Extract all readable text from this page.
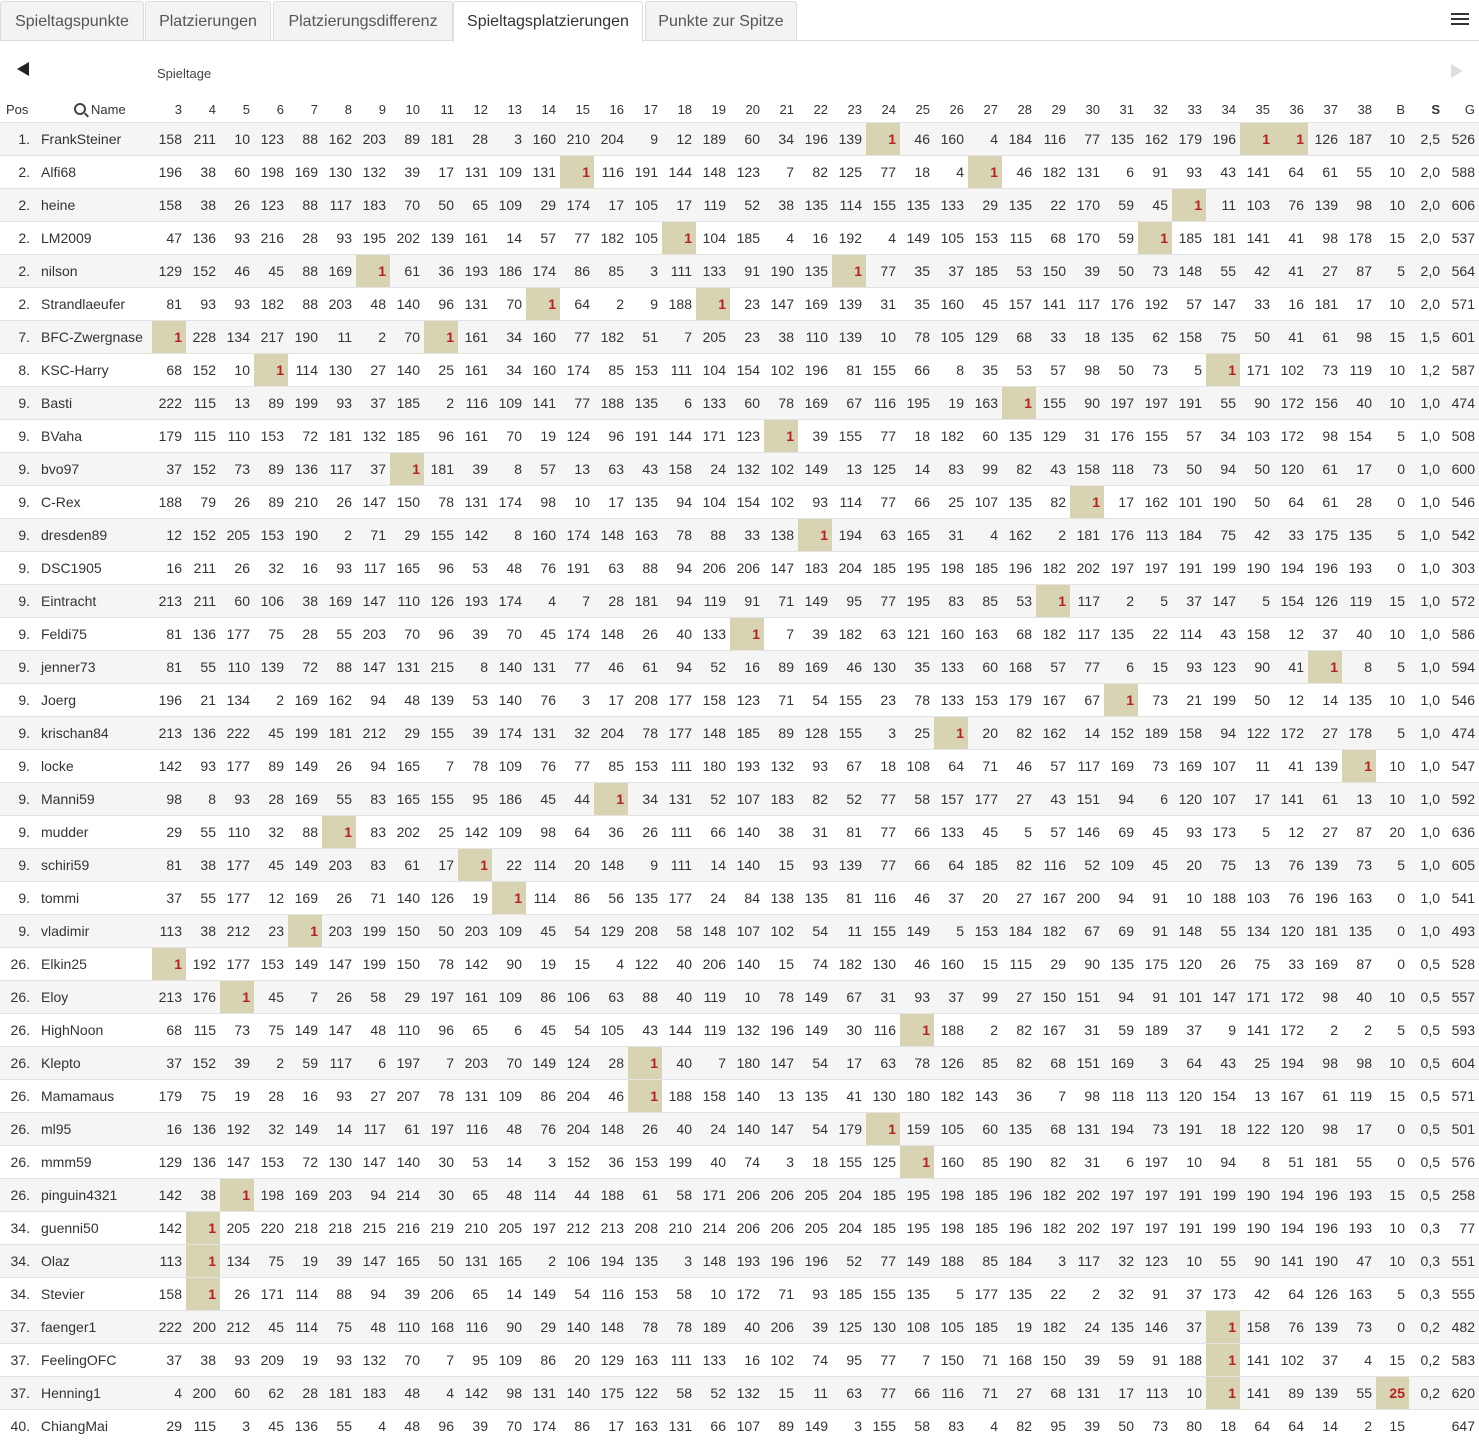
Spieltagspunkte	Platzierungen	Platzierungsdifferenz	Spieltagsplatzierungen	Punkte zur Spitze
Spieltage
Pos	Name	3	4	5	6	7	8	9	10	11	12	13	14	15	16	17	18	19	20	21	22	23	24	25	26	27	28	29	30	31	32	33	34	35	36	37	38	B	S	G
1.	FrankSteiner	158	211	10	123	88	162	203	89	181	28	3	160	210	204	9	12	189	60	34	196	139	1	46	160	4	184	116	77	135	162	179	196	1	1	126	187	10	2,5	526
2.	Alfi68	196	38	60	198	169	130	132	39	17	131	109	131	1	116	191	144	148	123	7	82	125	77	18	4	1	46	182	131	6	91	93	43	141	64	61	55	10	2,0	588
2.	heine	158	38	26	123	88	117	183	70	50	65	109	29	174	17	105	17	119	52	38	135	114	155	135	133	29	135	22	170	59	45	1	11	103	76	139	98	10	2,0	606
2.	LM2009	47	136	93	216	28	93	195	202	139	161	14	57	77	182	105	1	104	185	4	16	192	4	149	105	153	115	68	170	59	1	185	181	141	41	98	178	15	2,0	537
2.	nilson	129	152	46	45	88	169	1	61	36	193	186	174	86	85	3	111	133	91	190	135	1	77	35	37	185	53	150	39	50	73	148	55	42	41	27	87	5	2,0	564
2.	Strandlaeufer	81	93	93	182	88	203	48	140	96	131	70	1	64	2	9	188	1	23	147	169	139	31	35	160	45	157	141	117	176	192	57	147	33	16	181	17	10	2,0	571
7.	BFC-Zwergnase	1	228	134	217	190	11	2	70	1	161	34	160	77	182	51	7	205	23	38	110	139	10	78	105	129	68	33	18	135	62	158	75	50	41	61	98	15	1,5	601
8.	KSC-Harry	68	152	10	1	114	130	27	140	25	161	34	160	174	85	153	111	104	154	102	196	81	155	66	8	35	53	57	98	50	73	5	1	171	102	73	119	10	1,2	587
9.	Basti	222	115	13	89	199	93	37	185	2	116	109	141	77	188	135	6	133	60	78	169	67	116	195	19	163	1	155	90	197	197	191	55	90	172	156	40	10	1,0	474
9.	BVaha	179	115	110	153	72	181	132	185	96	161	70	19	124	96	191	144	171	123	1	39	155	77	18	182	60	135	129	31	176	155	57	34	103	172	98	154	5	1,0	508
9.	bvo97	37	152	73	89	136	117	37	1	181	39	8	57	13	63	43	158	24	132	102	149	13	125	14	83	99	82	43	158	118	73	50	94	50	120	61	17	0	1,0	600
9.	C-Rex	188	79	26	89	210	26	147	150	78	131	174	98	10	17	135	94	104	154	102	93	114	77	66	25	107	135	82	1	17	162	101	190	50	64	61	28	0	1,0	546
9.	dresden89	12	152	205	153	190	2	71	29	155	142	8	160	174	148	163	78	88	33	138	1	194	63	165	31	4	162	2	181	176	113	184	75	42	33	175	135	5	1,0	542
9.	DSC1905	16	211	26	32	16	93	117	165	96	53	48	76	191	63	88	94	206	206	147	183	204	185	195	198	185	196	182	202	197	197	191	199	190	194	196	193	0	1,0	303
9.	Eintracht	213	211	60	106	38	169	147	110	126	193	174	4	7	28	181	94	119	91	71	149	95	77	195	83	85	53	1	117	2	5	37	147	5	154	126	119	15	1,0	572
9.	Feldi75	81	136	177	75	28	55	203	70	96	39	70	45	174	148	26	40	133	1	7	39	182	63	121	160	163	68	182	117	135	22	114	43	158	12	37	40	10	1,0	586
9.	jenner73	81	55	110	139	72	88	147	131	215	8	140	131	77	46	61	94	52	16	89	169	46	130	35	133	60	168	57	77	6	15	93	123	90	41	1	8	5	1,0	594
9.	Joerg	196	21	134	2	169	162	94	48	139	53	140	76	3	17	208	177	158	123	71	54	155	23	78	133	153	179	167	67	1	73	21	199	50	12	14	135	10	1,0	546
9.	krischan84	213	136	222	45	199	181	212	29	155	39	174	131	32	204	78	177	148	185	89	128	155	3	25	1	20	82	162	14	152	189	158	94	122	172	27	178	5	1,0	474
9.	locke	142	93	177	89	149	26	94	165	7	78	109	76	77	85	153	111	180	193	132	93	67	18	108	64	71	46	57	117	169	73	169	107	11	41	139	1	10	1,0	547
9.	Manni59	98	8	93	28	169	55	83	165	155	95	186	45	44	1	34	131	52	107	183	82	52	77	58	157	177	27	43	151	94	6	120	107	17	141	61	13	10	1,0	592
9.	mudder	29	55	110	32	88	1	83	202	25	142	109	98	64	36	26	111	66	140	38	31	81	77	66	133	45	5	57	146	69	45	93	173	5	12	27	87	20	1,0	636
9.	schiri59	81	38	177	45	149	203	83	61	17	1	22	114	20	148	9	111	14	140	15	93	139	77	66	64	185	82	116	52	109	45	20	75	13	76	139	73	5	1,0	605
9.	tommi	37	55	177	12	169	26	71	140	126	19	1	114	86	56	135	177	24	84	138	135	81	116	46	37	20	27	167	200	94	91	10	188	103	76	196	163	0	1,0	541
9.	vladimir	113	38	212	23	1	203	199	150	50	203	109	45	54	129	208	58	148	107	102	54	11	155	149	5	153	184	182	67	69	91	148	55	134	120	181	135	0	1,0	493
26.	Elkin25	1	192	177	153	149	147	199	150	78	142	90	19	15	4	122	40	206	140	15	74	182	130	46	160	15	115	29	90	135	175	120	26	75	33	169	87	0	0,5	528
26.	Eloy	213	176	1	45	7	26	58	29	197	161	109	86	106	63	88	40	119	10	78	149	67	31	93	37	99	27	150	151	94	91	101	147	171	172	98	40	10	0,5	557
26.	HighNoon	68	115	73	75	149	147	48	110	96	65	6	45	54	105	43	144	119	132	196	149	30	116	1	188	2	82	167	31	59	189	37	9	141	172	2	2	5	0,5	593
26.	Klepto	37	152	39	2	59	117	6	197	7	203	70	149	124	28	1	40	7	180	147	54	17	63	78	126	85	82	68	151	169	3	64	43	25	194	98	98	10	0,5	604
26.	Mamamaus	179	75	19	28	16	93	27	207	78	131	109	86	204	46	1	188	158	140	13	135	41	130	180	182	143	36	7	98	118	113	120	154	13	167	61	119	15	0,5	571
26.	ml95	16	136	192	32	149	14	117	61	197	116	48	76	204	148	26	40	24	140	147	54	179	1	159	105	60	135	68	131	194	73	191	18	122	120	98	17	0	0,5	501
26.	mmm59	129	136	147	153	72	130	147	140	30	53	14	3	152	36	153	199	40	74	3	18	155	125	1	160	85	190	82	31	6	197	10	94	8	51	181	55	0	0,5	576
26.	pinguin4321	142	38	1	198	169	203	94	214	30	65	48	114	44	188	61	58	171	206	206	205	204	185	195	198	185	196	182	202	197	197	191	199	190	194	196	193	15	0,5	258
34.	guenni50	142	1	205	220	218	218	215	216	219	210	205	197	212	213	208	210	214	206	206	205	204	185	195	198	185	196	182	202	197	197	191	199	190	194	196	193	10	0,3	77
34.	Olaz	113	1	134	75	19	39	147	165	50	131	165	2	106	194	135	3	148	193	196	196	52	77	149	188	85	184	3	117	32	123	10	55	90	141	190	47	10	0,3	551
34.	Stevier	158	1	26	171	114	88	94	39	206	65	14	149	54	116	153	58	10	172	71	93	185	155	135	5	177	135	22	2	32	91	37	173	42	64	126	163	5	0,3	555
37.	faenger1	222	200	212	45	114	75	48	110	168	116	90	29	140	148	78	78	189	40	206	39	125	130	108	105	185	19	182	24	135	146	37	1	158	76	139	73	0	0,2	482
37.	FeelingOFC	37	38	93	209	19	93	132	70	7	95	109	86	20	129	163	111	133	16	102	74	95	77	7	150	71	168	150	39	59	91	188	1	141	102	37	4	15	0,2	583
37.	Henning1	4	200	60	62	28	181	183	48	4	142	98	131	140	175	122	58	52	132	15	11	63	77	66	116	71	27	68	131	17	113	10	1	141	89	139	55	25	0,2	620
40.	ChiangMai	29	115	3	45	136	55	4	48	96	39	70	174	86	17	163	131	66	107	89	149	3	155	58	83	4	82	95	39	50	73	80	18	64	64	14	2	15		647
